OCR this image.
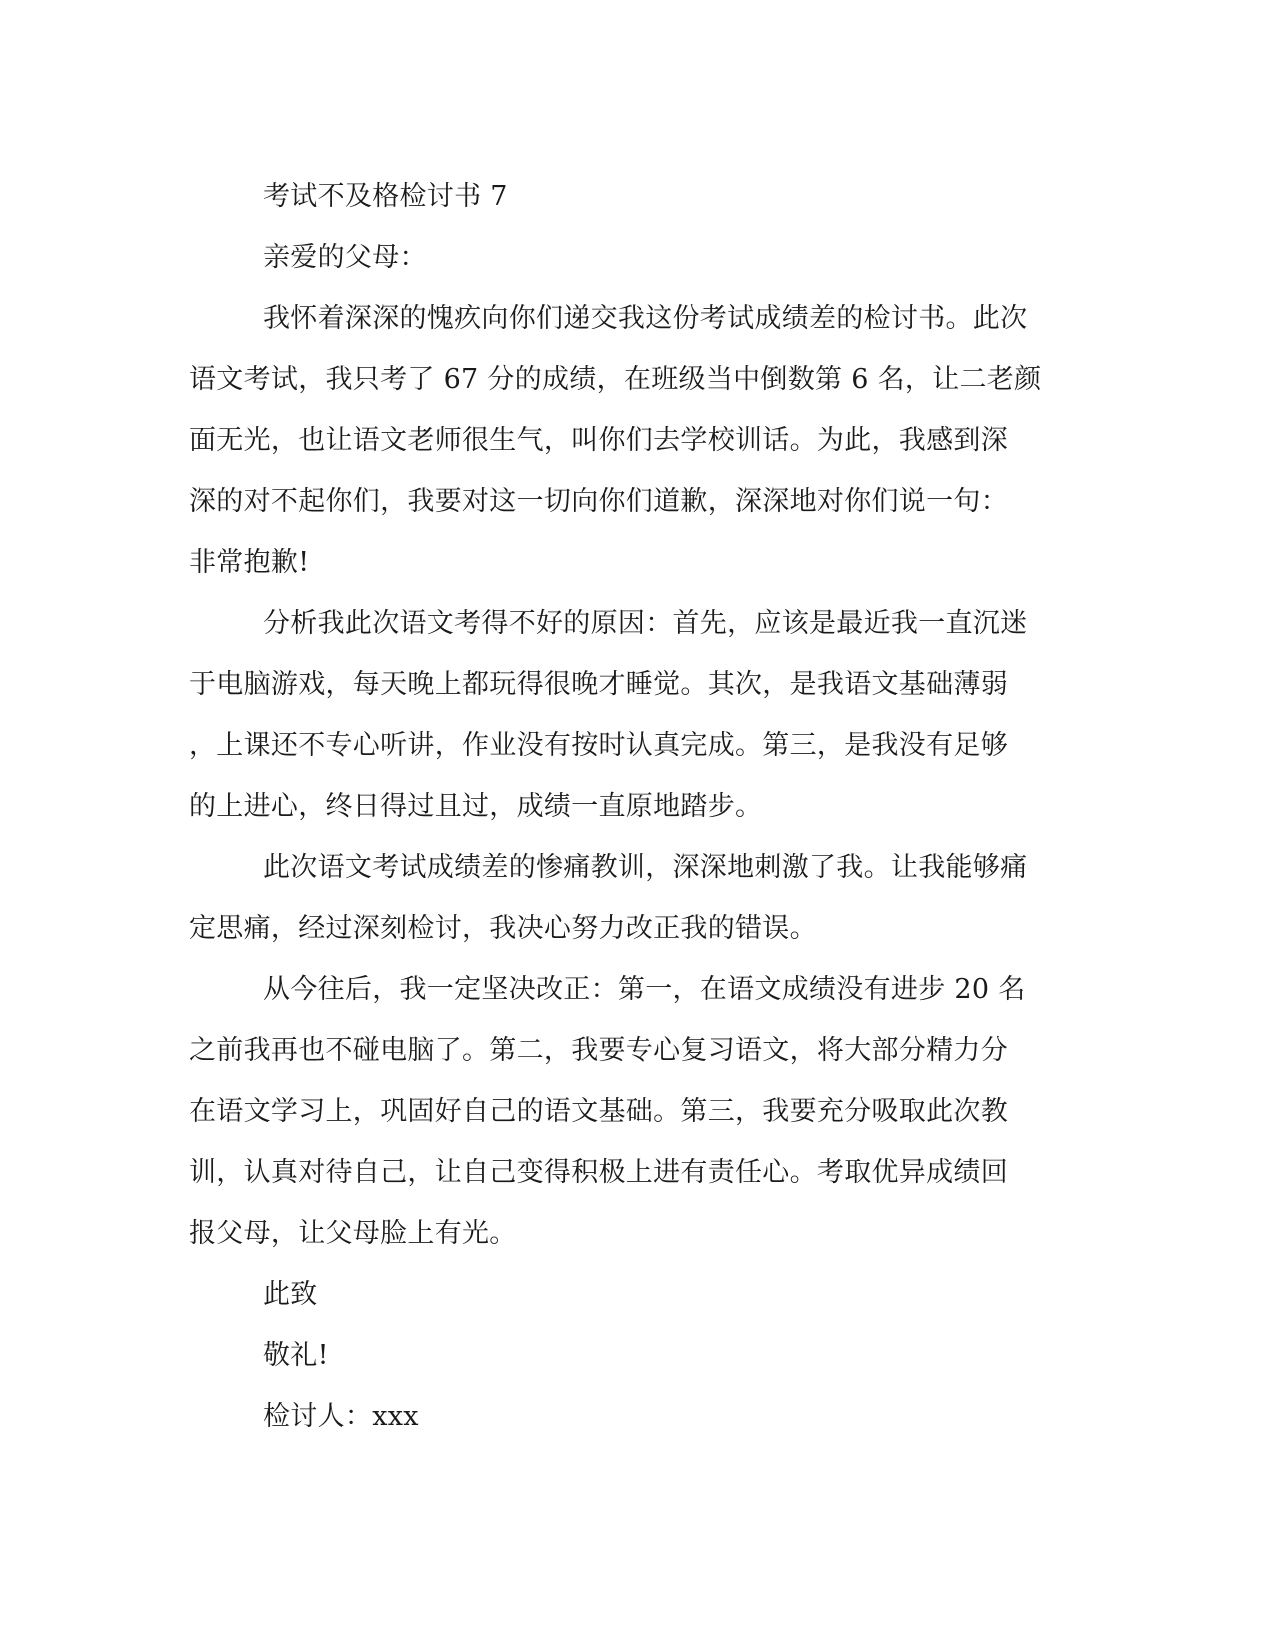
考试不及格检讨书 7
亲爱的父母：
我怀着深深的愧疚向你们递交我这份考试成绩差的检讨书。此次
语文考试，我只考了 67 分的成绩，在班级当中倒数第 6 名，让二老颜
面无光，也让语文老师很生气，叫你们去学校训话。为此，我感到深
深的对不起你们，我要对这一切向你们道歉，深深地对你们说一句：
非常抱歉!
分析我此次语文考得不好的原因：首先，应该是最近我一直沉迷
于电脑游戏，每天晚上都玩得很晚才睡觉。其次，是我语文基础薄弱
，上课还不专心听讲，作业没有按时认真完成。第三，是我没有足够
的上进心，终日得过且过，成绩一直原地踏步。
此次语文考试成绩差的惨痛教训，深深地刺激了我。让我能够痛
定思痛，经过深刻检讨，我决心努力改正我的错误。
从今往后，我一定坚决改正：第一，在语文成绩没有进步 20 名
之前我再也不碰电脑了。第二，我要专心复习语文，将大部分精力分
在语文学习上，巩固好自己的语文基础。第三，我要充分吸取此次教
训，认真对待自己，让自己变得积极上进有责任心。考取优异成绩回
报父母，让父母脸上有光。
此致
敬礼!
检讨人：xxx
